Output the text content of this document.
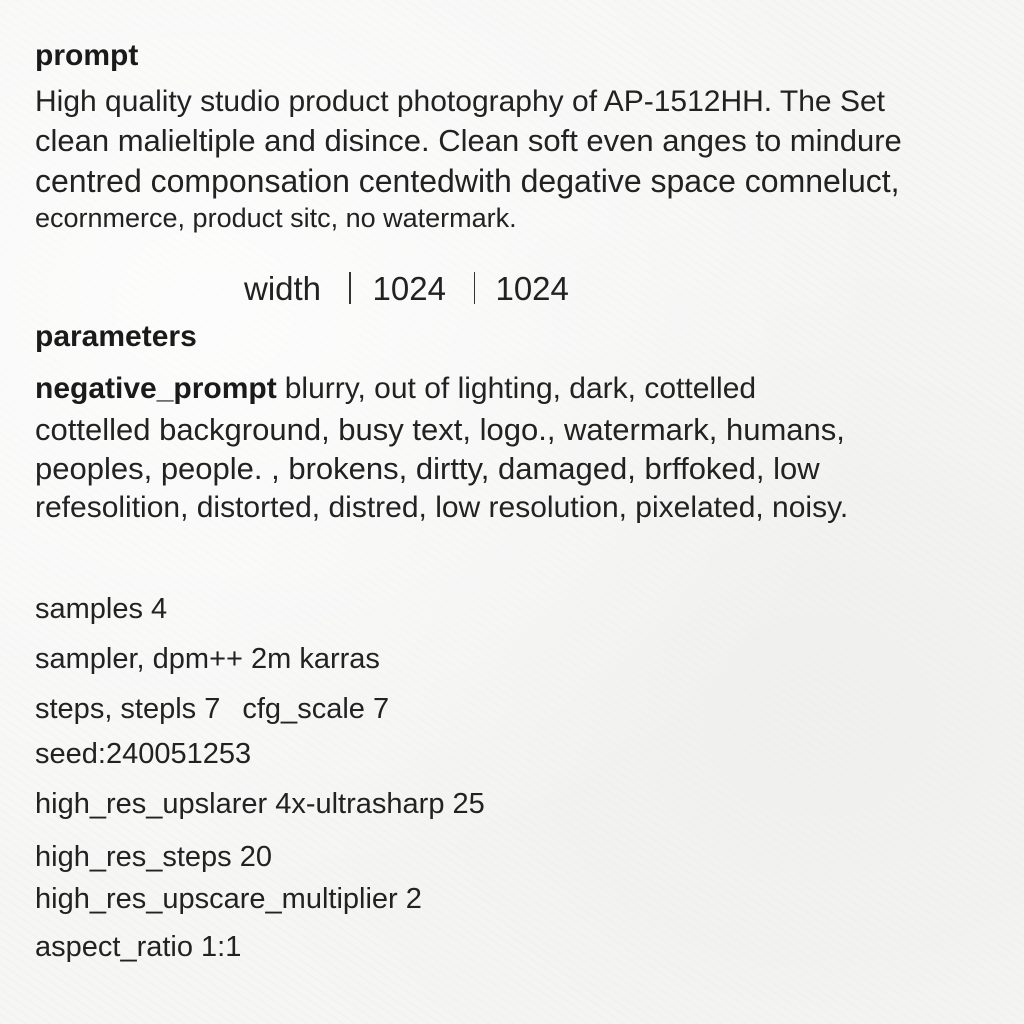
prompt
High quality studio product photography of AP-1512HH. The Set
clean malieltiple and disince. Clean soft even anges to mindure
centred componsation centedwith degative space comneluct,
ecornmerce, product sitc, no watermark.
width 1024 1024
parameters
negative_prompt blurry, out of lighting, dark, cottelled
cottelled background, busy text, logo., watermark, humans,
peoples, people. , brokens, dirtty, damaged, brffoked, low
refesolition, distorted, distred, low resolution, pixelated, noisy.
samples 4
sampler, dpm++ 2m karras
steps, stepls 7 cfg_scale 7
seed:240051253
high_res_upslarer 4x-ultrasharp 25
high_res_steps 20
high_res_upscare_multiplier 2
aspect_ratio 1:1
